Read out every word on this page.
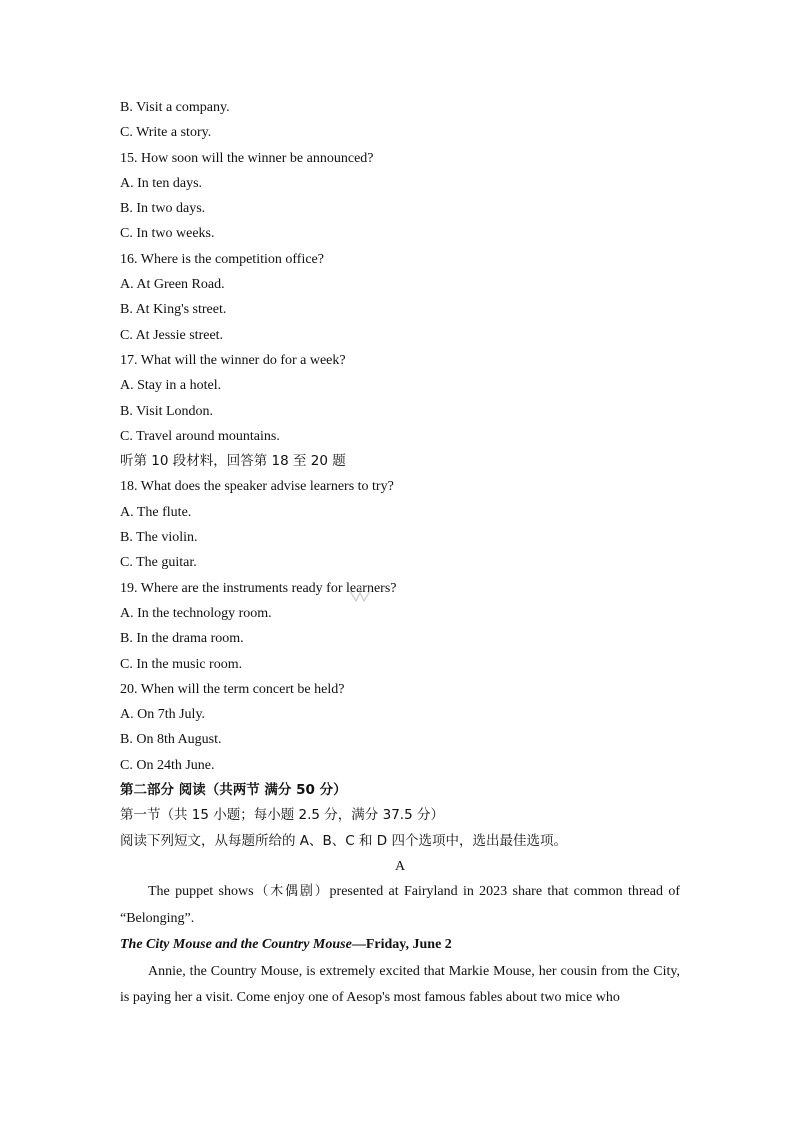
B. Visit a company.
C. Write a story.
15. How soon will the winner be announced?
A. In ten days.
B. In two days.
C. In two weeks.
16. Where is the competition office?
A. At Green Road.
B. At King's street.
C. At Jessie street.
17. What will the winner do for a week?
A. Stay in a hotel.
B. Visit London.
C. Travel around mountains.
听第 10 段材料，回答第 18 至 20 题
18. What does the speaker advise learners to try?
A. The flute.
B. The violin.
C. The guitar.
19. Where are the instruments ready for learners?
A. In the technology room.
B. In the drama room.
C. In the music room.
20. When will the term concert be held?
A. On 7th July.
B. On 8th August.
C. On 24th June.
第二部分 阅读（共两节 满分 50 分）
第一节（共 15 小题；每小题 2.5 分，满分 37.5 分）
阅读下列短文，从每题所给的 A、B、C 和 D 四个选项中，选出最佳选项。
A

The puppet shows（木偶剧）presented at Fairyland in 2023 share that common thread of “Belonging”.

The City Mouse and the Country Mouse—Friday, June 2

Annie, the Country Mouse, is extremely excited that Markie Mouse, her cousin from the City, is paying her a visit. Come enjoy one of Aesop's most famous fables about two mice who
